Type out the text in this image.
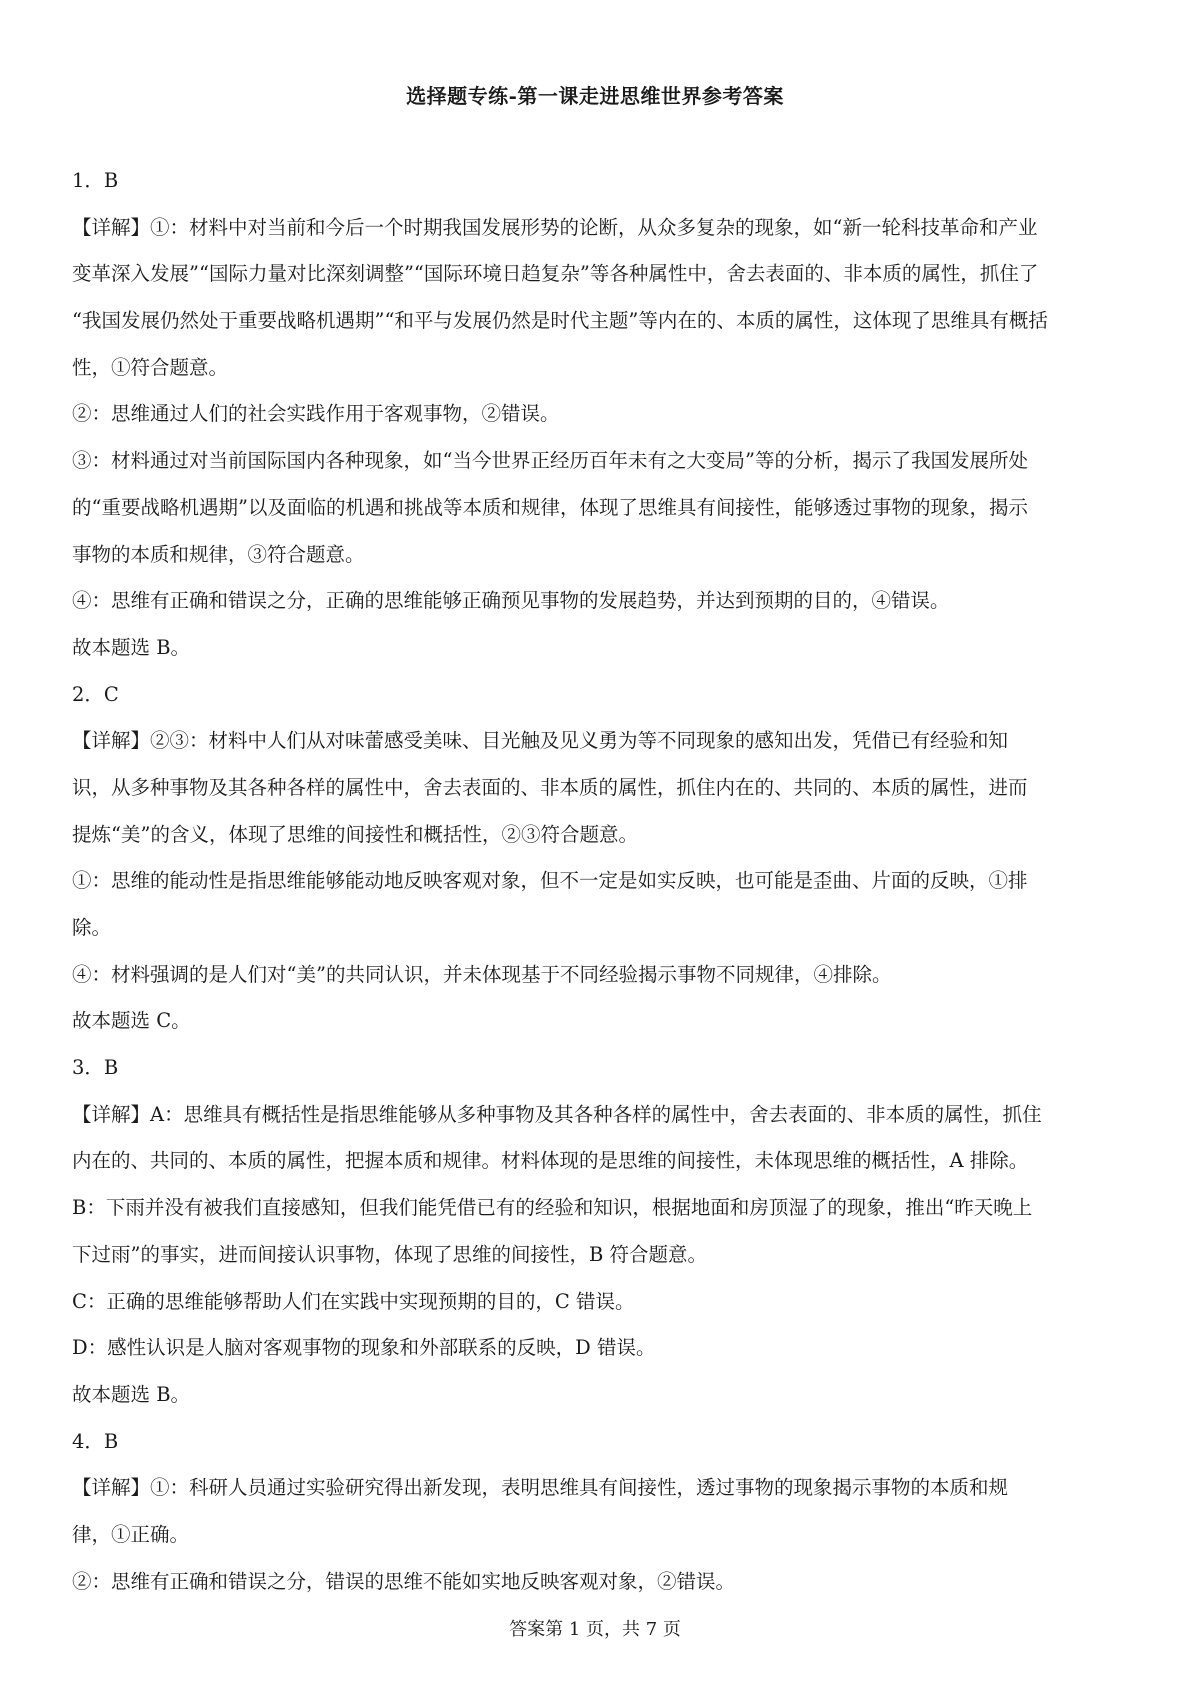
选择题专练-第一课走进思维世界参考答案
1．B
【详解】①：材料中对当前和今后一个时期我国发展形势的论断，从众多复杂的现象，如“新一轮科技革命和产业
变革深入发展”“国际力量对比深刻调整”“国际环境日趋复杂”等各种属性中，舍去表面的、非本质的属性，抓住了
“我国发展仍然处于重要战略机遇期”“和平与发展仍然是时代主题”等内在的、本质的属性，这体现了思维具有概括
性，①符合题意。
②：思维通过人们的社会实践作用于客观事物，②错误。
③：材料通过对当前国际国内各种现象，如“当今世界正经历百年未有之大变局”等的分析，揭示了我国发展所处
的“重要战略机遇期”以及面临的机遇和挑战等本质和规律，体现了思维具有间接性，能够透过事物的现象，揭示
事物的本质和规律，③符合题意。
④：思维有正确和错误之分，正确的思维能够正确预见事物的发展趋势，并达到预期的目的，④错误。
故本题选 B。
2．C
【详解】②③：材料中人们从对味蕾感受美味、目光触及见义勇为等不同现象的感知出发，凭借已有经验和知
识，从多种事物及其各种各样的属性中，舍去表面的、非本质的属性，抓住内在的、共同的、本质的属性，进而
提炼“美”的含义，体现了思维的间接性和概括性，②③符合题意。
①：思维的能动性是指思维能够能动地反映客观对象，但不一定是如实反映，也可能是歪曲、片面的反映，①排
除。
④：材料强调的是人们对“美”的共同认识，并未体现基于不同经验揭示事物不同规律，④排除。
故本题选 C。
3．B
【详解】A：思维具有概括性是指思维能够从多种事物及其各种各样的属性中，舍去表面的、非本质的属性，抓住
内在的、共同的、本质的属性，把握本质和规律。材料体现的是思维的间接性，未体现思维的概括性，A 排除。
B：下雨并没有被我们直接感知，但我们能凭借已有的经验和知识，根据地面和房顶湿了的现象，推出“昨天晚上
下过雨”的事实，进而间接认识事物，体现了思维的间接性，B 符合题意。
C：正确的思维能够帮助人们在实践中实现预期的目的，C 错误。
D：感性认识是人脑对客观事物的现象和外部联系的反映，D 错误。
故本题选 B。
4．B
【详解】①：科研人员通过实验研究得出新发现，表明思维具有间接性，透过事物的现象揭示事物的本质和规
律，①正确。
②：思维有正确和错误之分，错误的思维不能如实地反映客观对象，②错误。
答案第 1 页，共 7 页
